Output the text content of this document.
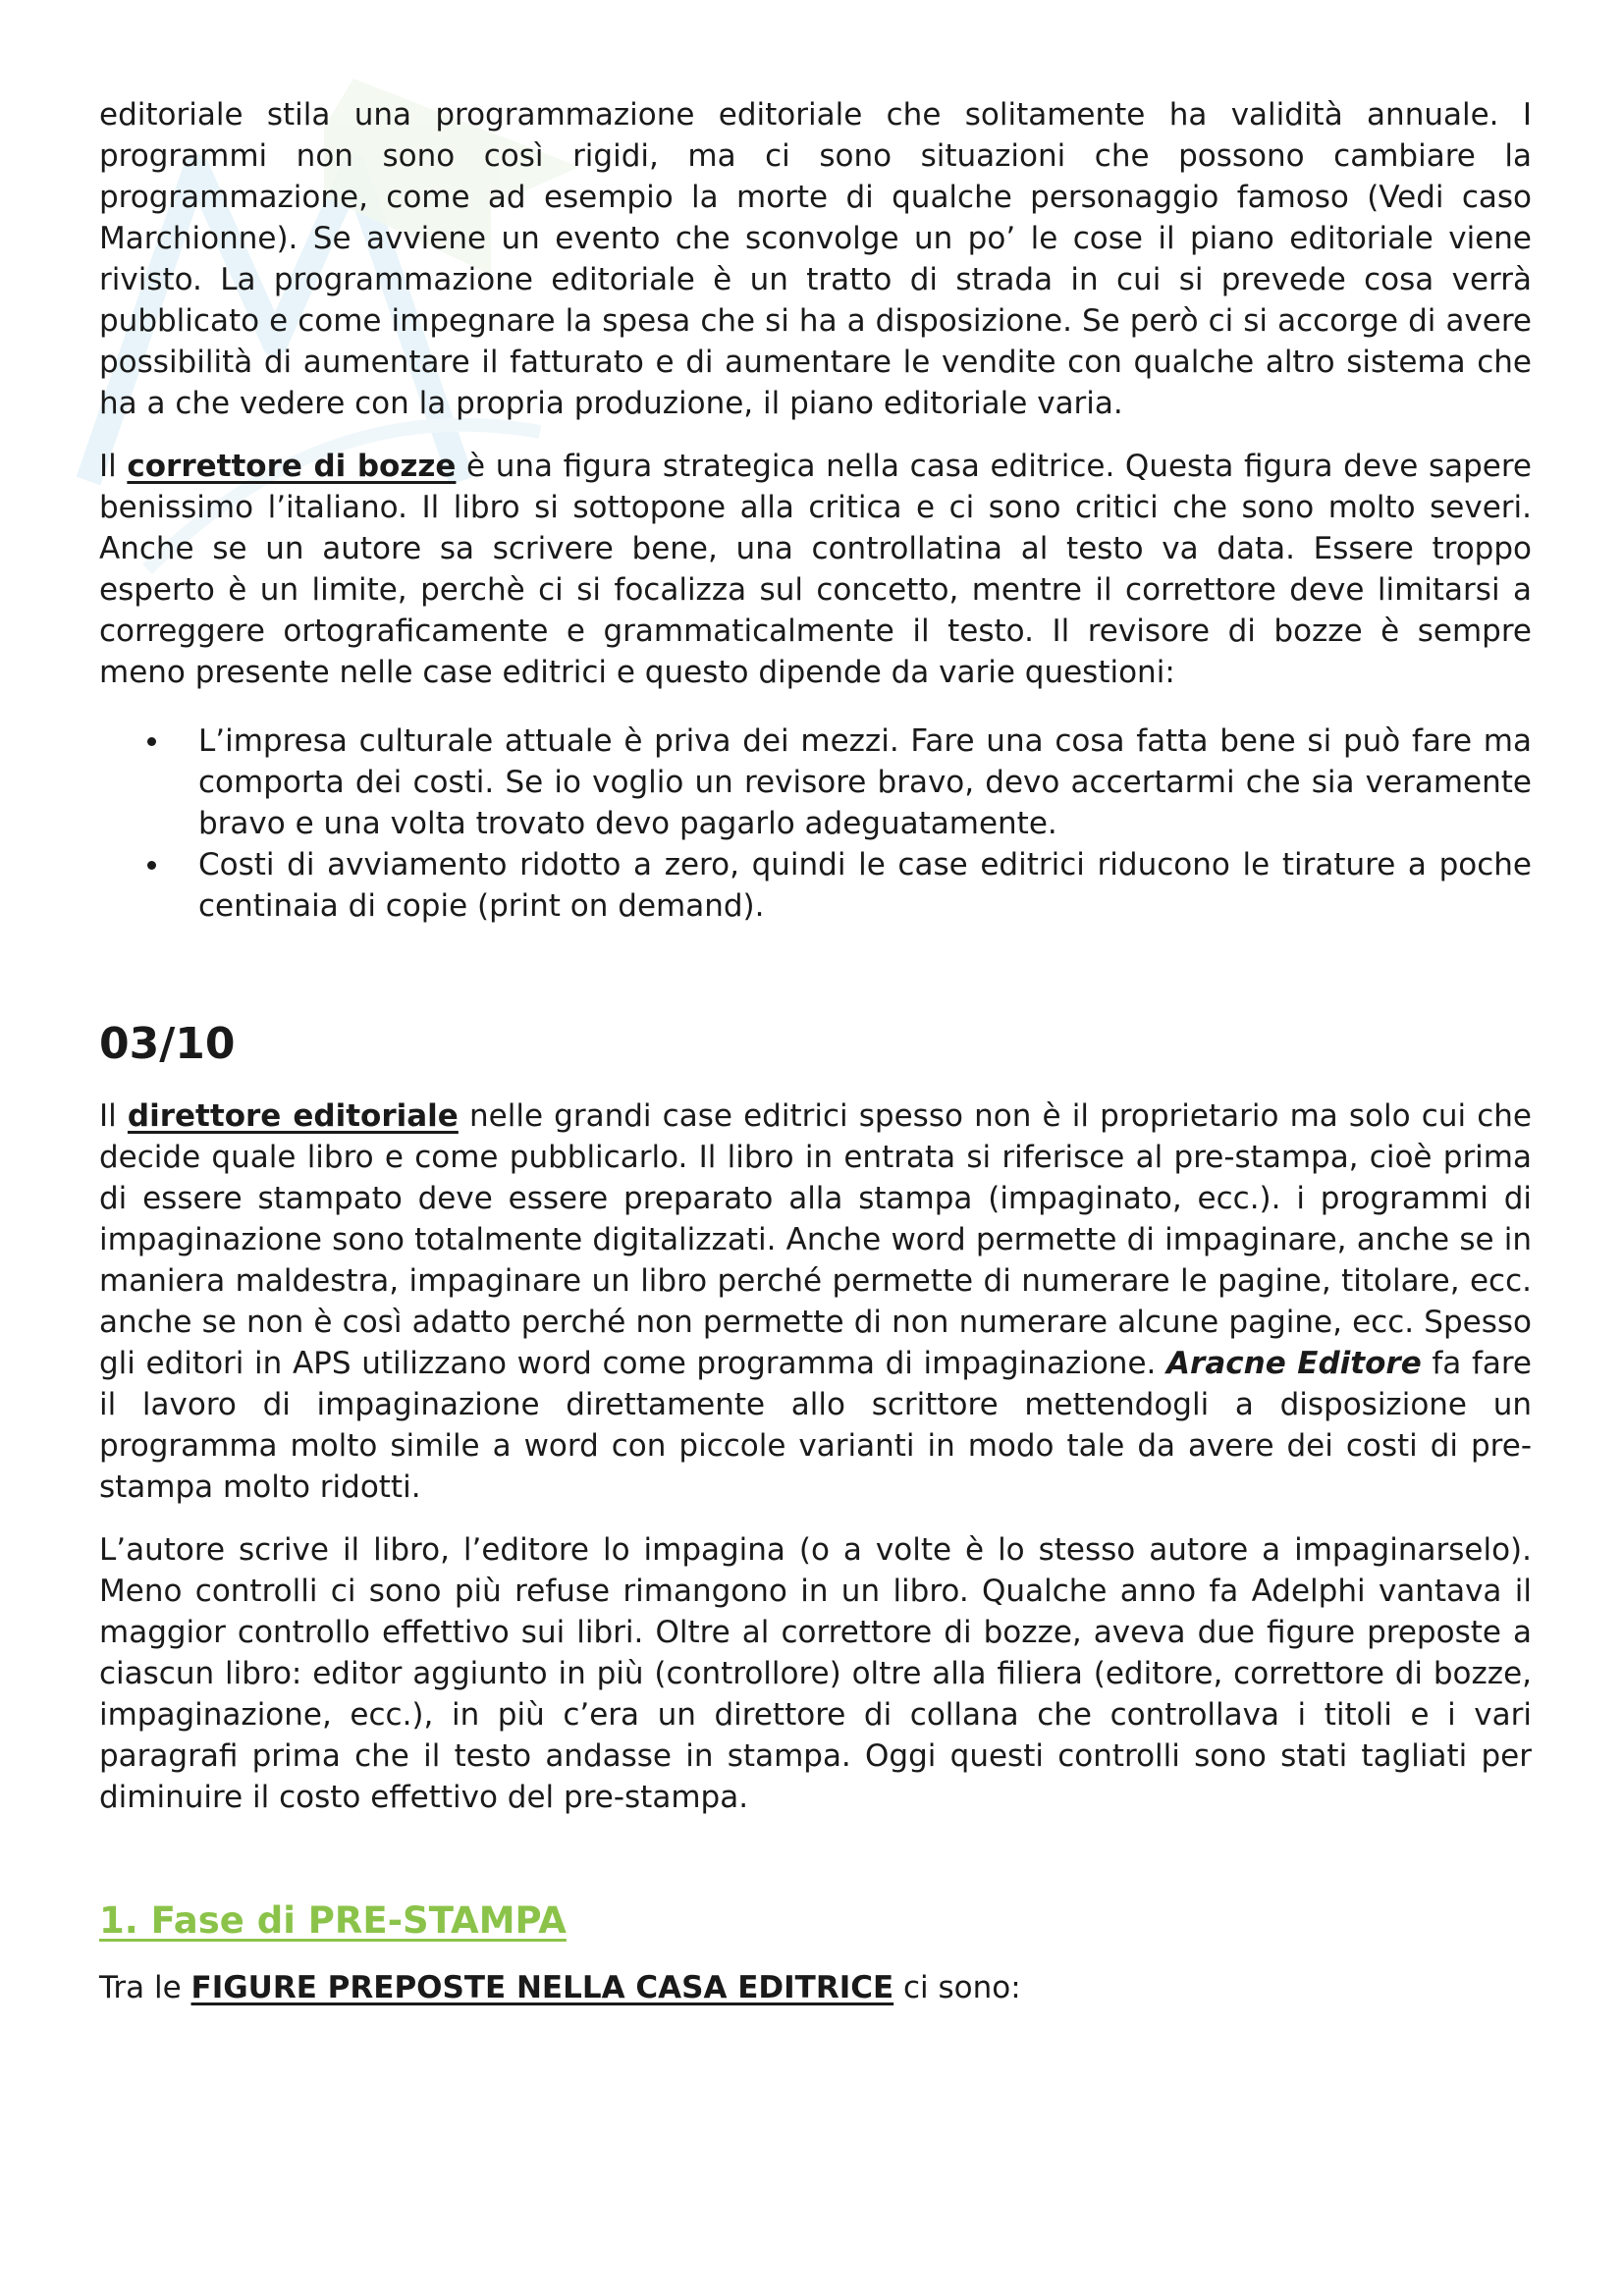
editoriale stila una programmazione editoriale che solitamente ha validità annuale. I programmi non sono così rigidi, ma ci sono situazioni che possono cambiare la programmazione, come ad esempio la morte di qualche personaggio famoso (Vedi caso Marchionne). Se avviene un evento che sconvolge un po’ le cose il piano editoriale viene rivisto. La programmazione editoriale è un tratto di strada in cui si prevede cosa verrà pubblicato e come impegnare la spesa che si ha a disposizione. Se però ci si accorge di avere possibilità di aumentare il fatturato e di aumentare le vendite con qualche altro sistema che ha a che vedere con la propria produzione, il piano editoriale varia.

Il correttore di bozze è una figura strategica nella casa editrice. Questa figura deve sapere benissimo l’italiano. Il libro si sottopone alla critica e ci sono critici che sono molto severi. Anche se un autore sa scrivere bene, una controllatina al testo va data. Essere troppo esperto è un limite, perchè ci si focalizza sul concetto, mentre il correttore deve limitarsi a correggere ortograficamente e grammaticalmente il testo. Il revisore di bozze è sempre meno presente nelle case editrici e questo dipende da varie questioni:

L’impresa culturale attuale è priva dei mezzi. Fare una cosa fatta bene si può fare ma comporta dei costi. Se io voglio un revisore bravo, devo accertarmi che sia veramente bravo e una volta trovato devo pagarlo adeguatamente.
Costi di avviamento ridotto a zero, quindi le case editrici riducono le tirature a poche centinaia di copie (print on demand).
03/10

Il direttore editoriale nelle grandi case editrici spesso non è il proprietario ma solo cui che decide quale libro e come pubblicarlo. Il libro in entrata si riferisce al pre-stampa, cioè prima di essere stampato deve essere preparato alla stampa (impaginato, ecc.). i programmi di impaginazione sono totalmente digitalizzati. Anche word permette di impaginare, anche se in maniera maldestra, impaginare un libro perché permette di numerare le pagine, titolare, ecc. anche se non è così adatto perché non permette di non numerare alcune pagine, ecc. Spesso gli editori in APS utilizzano word come programma di impaginazione. Aracne Editore fa fare il lavoro di impaginazione direttamente allo scrittore mettendogli a disposizione un programma molto simile a word con piccole varianti in modo tale da avere dei costi di pre-stampa molto ridotti.

L’autore scrive il libro, l’editore lo impagina (o a volte è lo stesso autore a impaginarselo). Meno controlli ci sono più refuse rimangono in un libro. Qualche anno fa Adelphi vantava il maggior controllo effettivo sui libri. Oltre al correttore di bozze, aveva due figure preposte a ciascun libro: editor aggiunto in più (controllore) oltre alla filiera (editore, correttore di bozze, impaginazione, ecc.), in più c’era un direttore di collana che controllava i titoli e i vari paragrafi prima che il testo andasse in stampa. Oggi questi controlli sono stati tagliati per diminuire il costo effettivo del pre-stampa.

1. Fase di PRE-STAMPA

Tra le FIGURE PREPOSTE NELLA CASA EDITRICE ci sono:
